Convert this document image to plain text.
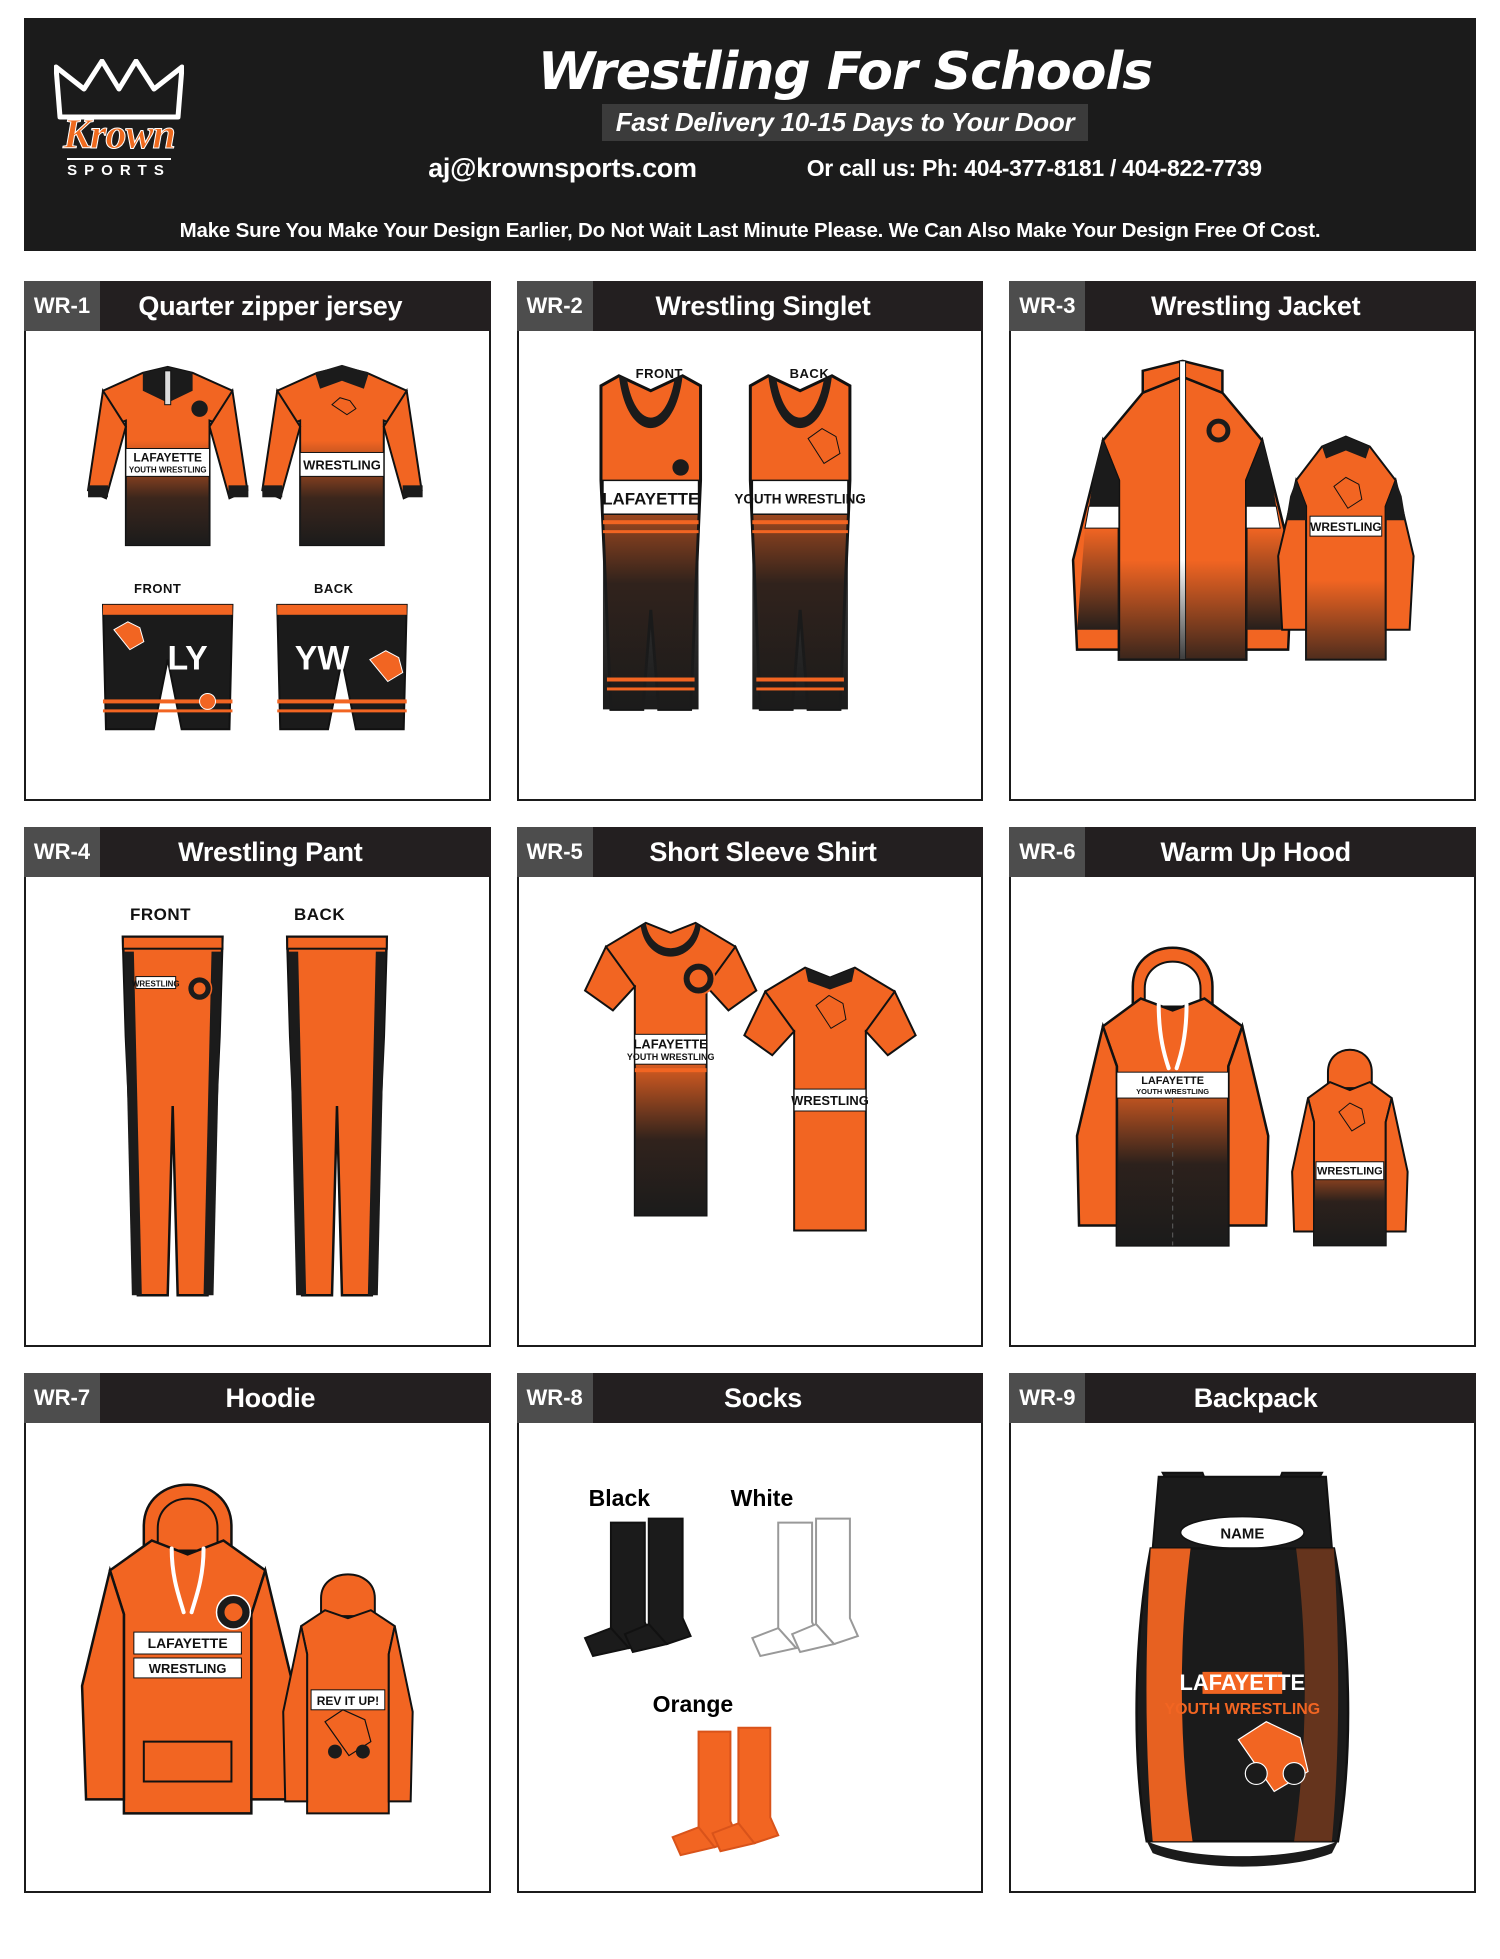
Krown
SPORTS
Wrestling For Schools
Fast Delivery 10-15 Days to Your Door
aj@krownsports.com	Or call us: Ph: 404-377-8181 / 404-822-7739
Make Sure You Make Your Design Earlier, Do Not Wait Last Minute Please. We Can Also Make Your Design Free Of Cost.
WR-1	Quarter zipper jersey
LAFAYETTE
YOUTH WRESTLING	WRESTLING
LY	YW
FRONT	BACK
WR-2	Wrestling Singlet
LAFAYETTE	YOUTH WRESTLING
FRONT	BACK
WR-3	Wrestling Jacket
WRESTLING
WR-4	Wrestling Pant
WRESTLING
FRONT	BACK
WR-5	Short Sleeve Shirt
WRESTLING
LAFAYETTE
YOUTH WRESTLING
WR-6	Warm Up Hood
LAFAYETTE
YOUTH WRESTLING
WRESTLING
WR-7	Hoodie
LAFAYETTE
WRESTLING
REV IT UP!
WR-8	Socks
Black	White
Orange
WR-9	Backpack
NAME
LAFAYETTE
YOUTH WRESTLING
